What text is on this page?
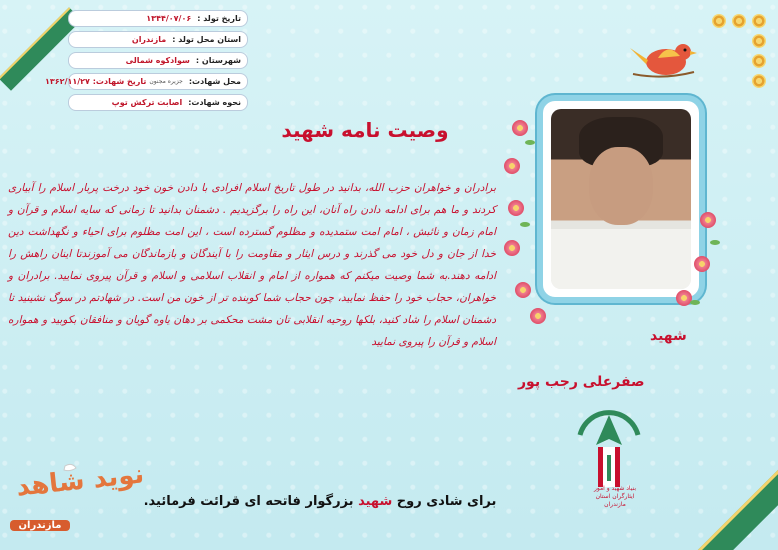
تاریخ تولد :
۱۳۴۴/۰۷/۰۶
استان محل تولد :
مازندران
شهرستان :
سوادکوه شمالی
محل شهادت:
جزیره مجنون
تاریخ شهادت: ۱۳۶۲/۱۱/۲۷
نحوه شهادت:
اصابت ترکش توپ
وصیت نامه شهید
برادران و خواهران حزب الله، بدانید در طول تاریخ اسلام افرادی با دادن خون خود درخت پربار اسلام را آبیاری کردند و ما هم برای ادامه دادن راه آنان، این راه را برگزیدیم . دشمنان بدانید تا زمانی که سایه اسلام و قرآن و امام زمان و نائبش ، امام امت ستمدیده و مظلوم گسترده است ، این امت مظلوم برای احیاء و نگهداشت دین خدا از جان و دل خود می گذرند و درس ایثار و مقاومت را با آیندگان و بازماندگان می آموزندتا اینان راهش را ادامه دهند.به شما وصیت میکنم که همواره از امام و انقلاب اسلامی و اسلام و قرآن پیروی نمایید. برادران و خواهران، حجاب خود را حفظ نمایید، چون حجاب شما کوبنده تر از خون من است. در شهادتم در سوگ نشینید تا دشمنان اسلام را شاد کنید، بلکها روحیه انقلابی تان مشت محکمی بر دهان یاوه گویان و منافقان بکوبید و همواره اسلام و قرآن را پیروی نمایید	شهید
صفرعلی رجب پور
بنیاد شهید و امور ایثارگران استان مازندران
برای شادی روح شهید بزرگوار فاتحه ای قرائت فرمائید.
نوید شاهد
مازندران
